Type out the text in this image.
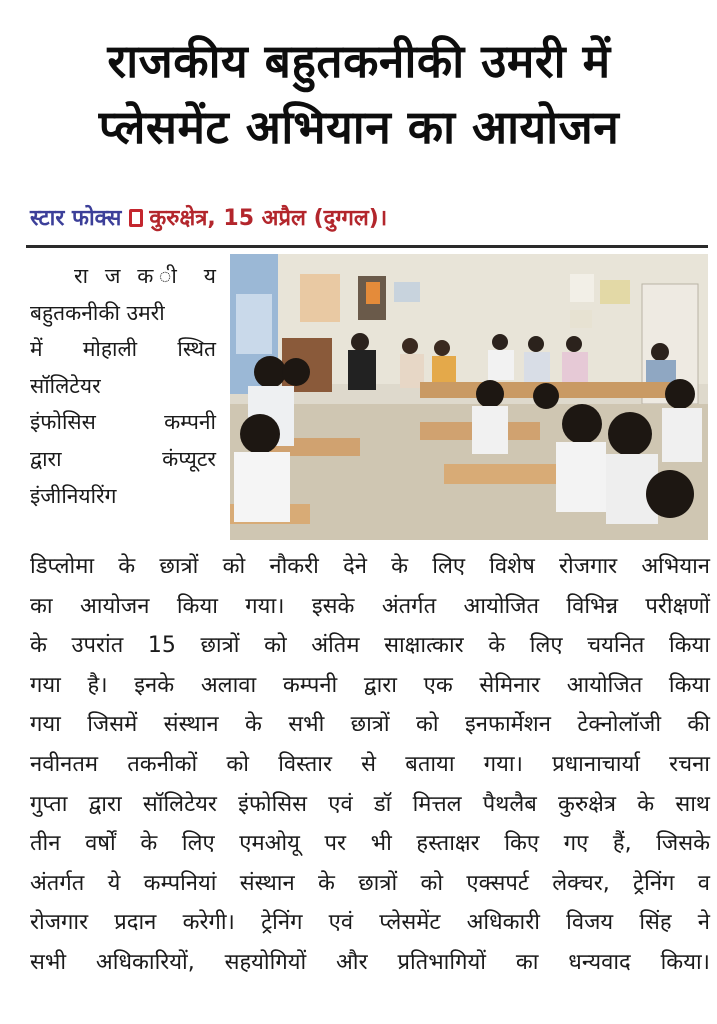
राजकीय बहुतकनीकी उमरी में
प्लेसमेंट अभियान का आयोजन
स्टार फोक्स कुरुक्षेत्र, 15 अप्रैल (दुग्गल)।
रा ज क ी य
बहुतकनीकी उमरी
में मोहाली स्थित
सॉलिटेयर
इंफोसिस कम्पनी
द्वारा कंप्यूटर
इंजीनियरिंग
डिप्लोमा के छात्रों को नौकरी देने के लिए विशेष रोजगार अभियान
का आयोजन किया गया। इसके अंतर्गत आयोजित विभिन्न परीक्षणों
के उपरांत 15 छात्रों को अंतिम साक्षात्कार के लिए चयनित किया
गया है। इनके अलावा कम्पनी द्वारा एक सेमिनार आयोजित किया
गया जिसमें संस्थान के सभी छात्रों को इनफार्मेशन टेक्नोलॉजी की
नवीनतम तकनीकों को विस्तार से बताया गया। प्रधानाचार्या रचना
गुप्ता द्वारा सॉलिटेयर इंफोसिस एवं डॉ मित्तल पैथलैब कुरुक्षेत्र के साथ
तीन वर्षों के लिए एमओयू पर भी हस्ताक्षर किए गए हैं, जिसके
अंतर्गत ये कम्पनियां संस्थान के छात्रों को एक्सपर्ट लेक्चर, ट्रेनिंग व
रोजगार प्रदान करेगी। ट्रेनिंग एवं प्लेसमेंट अधिकारी विजय सिंह ने
सभी अधिकारियों, सहयोगियों और प्रतिभागियों का धन्यवाद किया।
